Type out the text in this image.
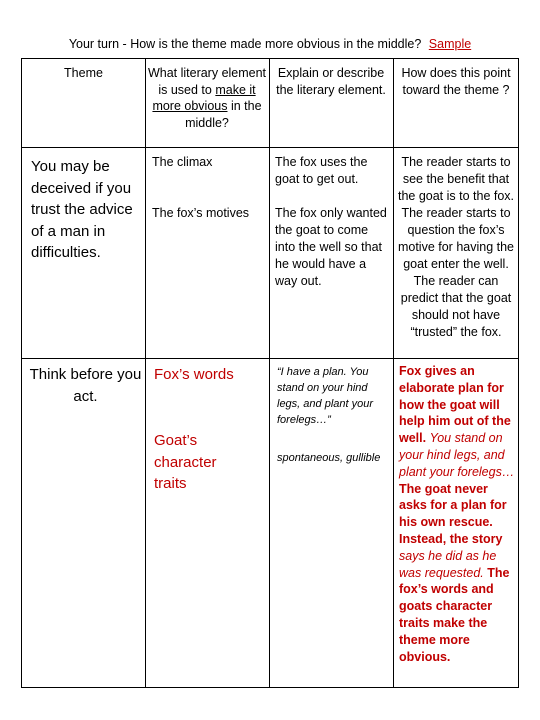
Your turn - How is the theme made more obvious in the middle? Sample
Theme	What literary element is used to make it more obvious in the middle?
Explain or describe the literary element.
How does this point toward the theme ?
You may be deceived if you trust the advice of a man in difficulties.
The climax
The fox’s motives
The fox uses the goat to get out.
The fox only wanted the goat to come into the well so that he would have a way out.
The reader starts to see the benefit that the goat is to the fox. The reader starts to question the fox’s motive for having the goat enter the well. The reader can predict that the goat should not have “trusted” the fox.
Think before you act.
Fox’s words
Goat’s character traits
“I have a plan. You stand on your hind legs, and plant your forelegs…”
spontaneous, gullible
Fox gives an elaborate plan for how the goat will help him out of the well. You stand on your hind legs, and plant your forelegs… The goat never asks for a plan for his own rescue. Instead, the story says he did as he was requested. The fox’s words and goats character traits make the theme more obvious.
